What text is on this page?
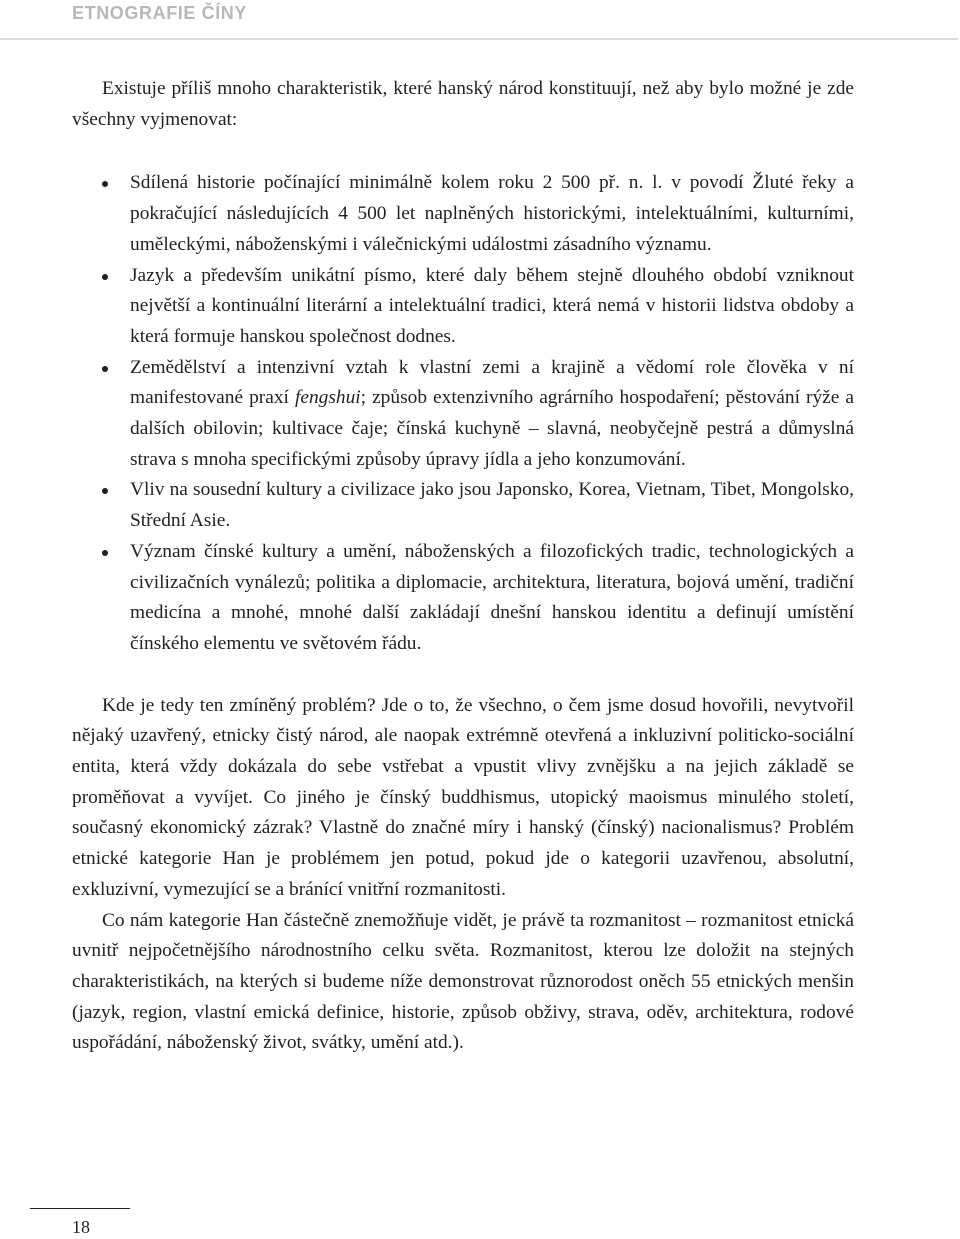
ETNOGRAFIE ČÍNY

Existuje příliš mnoho charakteristik, které hanský národ konstituují, než aby bylo možné je zde všechny vyjmenovat:

Sdílená historie počínající minimálně kolem roku 2 500 př. n. l. v povodí Žluté řeky a pokračující následujících 4 500 let naplněných historickými, intelektuálními, kulturními, uměleckými, náboženskými i válečnickými událostmi zásadního významu.
Jazyk a především unikátní písmo, které daly během stejně dlouhého období vzniknout největší a kontinuální literární a intelektuální tradici, která nemá v historii lidstva obdoby a která formuje hanskou společnost dodnes.
Zemědělství a intenzivní vztah k vlastní zemi a krajině a vědomí role člověka v ní manifestované praxí fengshui; způsob extenzivního agrárního hospodaření; pěstování rýže a dalších obilovin; kultivace čaje; čínská kuchyně – slavná, neobyčejně pestrá a důmyslná strava s mnoha specifickými způsoby úpravy jídla a jeho konzumování.
Vliv na sousední kultury a civilizace jako jsou Japonsko, Korea, Vietnam, Tibet, Mongolsko, Střední Asie.
Význam čínské kultury a umění, náboženských a filozofických tradic, technologických a civilizačních vynálezů; politika a diplomacie, architektura, literatura, bojová umění, tradiční medicína a mnohé, mnohé další zakládají dnešní hanskou identitu a definují umístění čínského elementu ve světovém řádu.

Kde je tedy ten zmíněný problém? Jde o to, že všechno, o čem jsme dosud hovořili, nevytvořil nějaký uzavřený, etnicky čistý národ, ale naopak extrémně otevřená a inkluzivní politicko-sociální entita, která vždy dokázala do sebe vstřebat a vpustit vlivy zvnějšku a na jejich základě se proměňovat a vyvíjet. Co jiného je čínský buddhismus, utopický maoismus minulého století, současný ekonomický zázrak? Vlastně do značné míry i hanský (čínský) nacionalismus? Problém etnické kategorie Han je problémem jen potud, pokud jde o kategorii uzavřenou, absolutní, exkluzivní, vymezující se a bránící vnitřní rozmanitosti.

Co nám kategorie Han částečně znemožňuje vidět, je právě ta rozmanitost – rozmanitost etnická uvnitř nejpočetnějšího národnostního celku světa. Rozmanitost, kterou lze doložit na stejných charakteristikách, na kterých si budeme níže demonstrovat různorodost oněch 55 etnických menšin (jazyk, region, vlastní emická definice, historie, způsob obživy, strava, oděv, architektura, rodové uspořádání, náboženský život, svátky, umění atd.).

18
